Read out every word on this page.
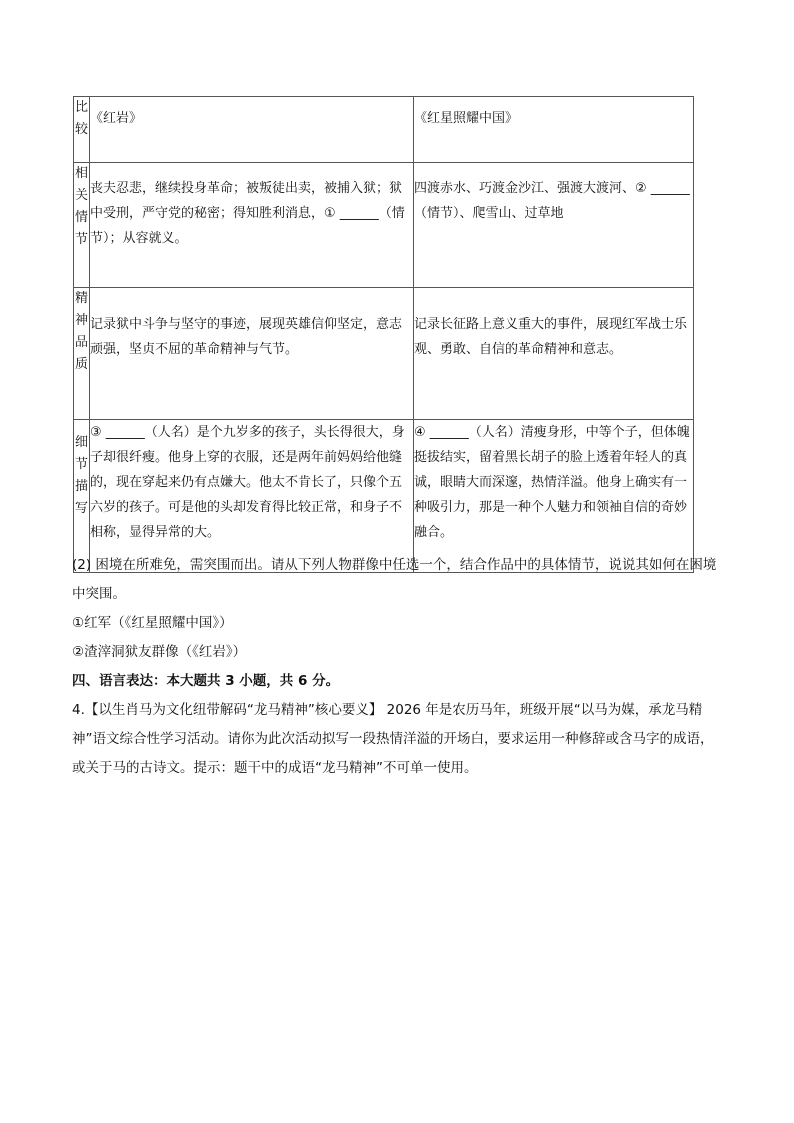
比
较	《红岩》	《红星照耀中国》

相
关
情
节	丧夫忍悲，继续投身革命；被叛徒出卖，被捕入狱；狱中受刑，严守党的秘密；得知胜利消息，① ______（情节）；从容就义。	四渡赤水、巧渡金沙江、强渡大渡河、② ______（情节）、爬雪山、过草地

精
神
品
质	记录狱中斗争与坚守的事迹，展现英雄信仰坚定，意志顽强，坚贞不屈的革命精神与气节。	记录长征路上意义重大的事件，展现红军战士乐观、勇敢、自信的革命精神和意志。

细
节
描
写	③ ______（人名）是个九岁多的孩子，头长得很大，身子却很纤瘦。他身上穿的衣服，还是两年前妈妈给他缝的，现在穿起来仍有点嫌大。他太不肯长了，只像个五六岁的孩子。可是他的头却发育得比较正常，和身子不相称，显得异常的大。	④ ______（人名）清瘦身形，中等个子，但体魄挺拔结实，留着黑长胡子的脸上透着年轻人的真诚，眼睛大而深邃，热情洋溢。他身上确实有一种吸引力，那是一种个人魅力和领袖自信的奇妙融合。

(2) 困境在所难免，需突围而出。请从下列人物群像中任选一个，结合作品中的具体情节，说说其如何在困境中突围。

①红军（《红星照耀中国》）

②渣滓洞狱友群像（《红岩》）

四、语言表达：本大题共 3 小题，共 6 分。

4.【以生肖马为文化纽带解码“龙马精神”核心要义】 2026 年是农历马年，班级开展“以马为媒，承龙马精神”语文综合性学习活动。请你为此次活动拟写一段热情洋溢的开场白，要求运用一种修辞或含马字的成语，或关于马的古诗文。提示：题干中的成语“龙马精神”不可单一使用。
